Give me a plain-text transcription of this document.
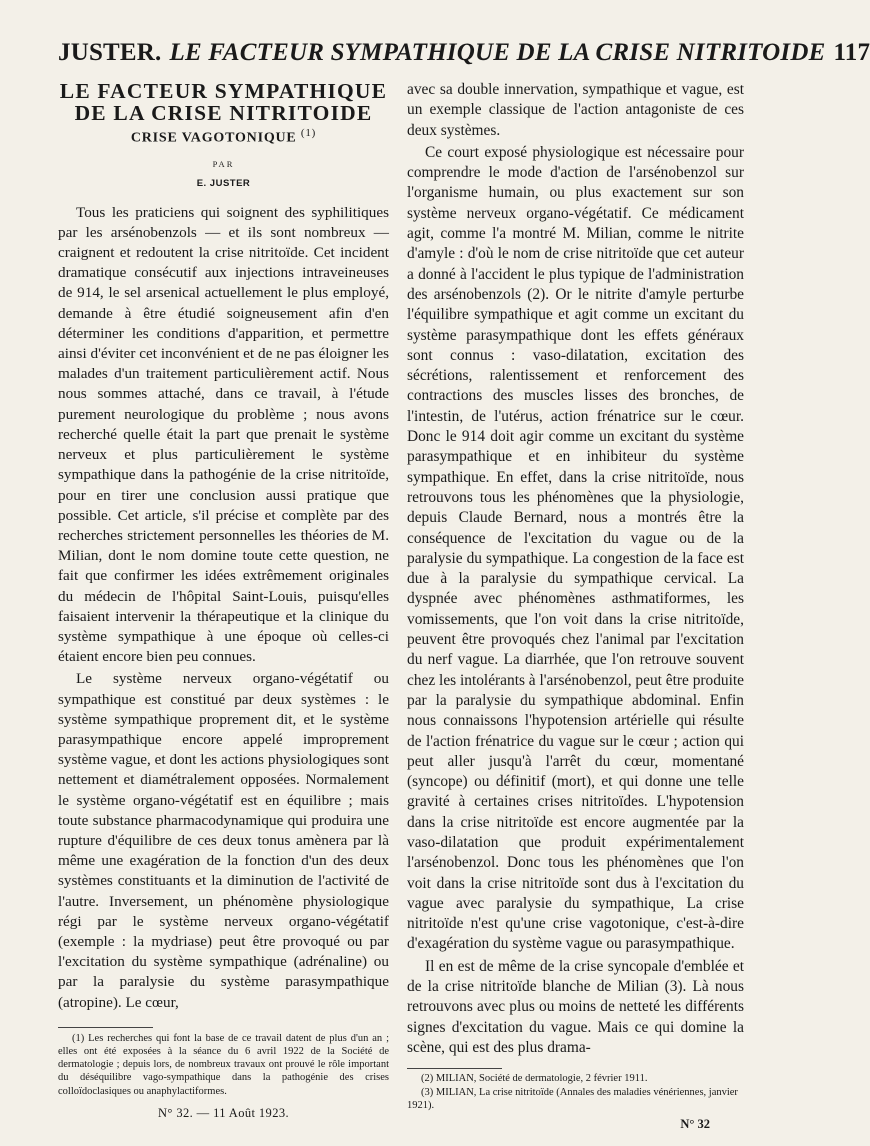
JUSTER. LE FACTEUR SYMPATHIQUE DE LA CRISE NITRITOIDE 117
LE FACTEUR SYMPATHIQUE
DE LA CRISE NITRITOIDE
CRISE VAGOTONIQUE $^{(1)}$
PAR
E. JUSTER

Tous les praticiens qui soignent des syphilitiques par les arsénobenzols — et ils sont nombreux — craignent et redoutent la crise nitritoïde. Cet incident dramatique consécutif aux injections intraveineuses de 914, le sel arsenical actuellement le plus employé, demande à être étudié soigneusement afin d'en déterminer les conditions d'apparition, et permettre ainsi d'éviter cet inconvénient et de ne pas éloigner les malades d'un traitement particulièrement actif. Nous nous sommes attaché, dans ce travail, à l'étude purement neurologique du problème ; nous avons recherché quelle était la part que prenait le système nerveux et plus particulièrement le système sympathique dans la pathogénie de la crise nitritoïde, pour en tirer une conclusion aussi pratique que possible. Cet article, s'il précise et complète par des recherches strictement personnelles les théories de M. Milian, dont le nom domine toute cette question, ne fait que confirmer les idées extrêmement originales du médecin de l'hôpital Saint-Louis, puisqu'elles faisaient intervenir la thérapeutique et la clinique du système sympathique à une époque où celles-ci étaient encore bien peu connues.

Le système nerveux organo-végétatif ou sympathique est constitué par deux systèmes : le système sympathique proprement dit, et le système parasympathique encore appelé improprement système vague, et dont les actions physiologiques sont nettement et diamétralement opposées. Normalement le système organo-végétatif est en équilibre ; mais toute substance pharmacodynamique qui produira une rupture d'équilibre de ces deux tonus amènera par là même une exagération de la fonction d'un des deux systèmes constituants et la diminution de l'activité de l'autre. Inversement, un phénomène physiologique régi par le système nerveux organo-végétatif (exemple : la mydriase) peut être provoqué ou par l'excitation du système sympathique (adrénaline) ou par la paralysie du système parasympathique (atropine). Le cœur,

(1) Les recherches qui font la base de ce travail datent de plus d'un an ; elles ont été exposées à la séance du 6 avril 1922 de la Société de dermatologie ; depuis lors, de nombreux travaux ont prouvé le rôle important du déséquilibre vago-sympathique dans la pathogénie des crises colloïdoclasiques ou anaphylactiformes.

N° 32. — 11 Août 1923.

avec sa double innervation, sympathique et vague, est un exemple classique de l'action antagoniste de ces deux systèmes.

Ce court exposé physiologique est nécessaire pour comprendre le mode d'action de l'arsénobenzol sur l'organisme humain, ou plus exactement sur son système nerveux organo-végétatif. Ce médicament agit, comme l'a montré M. Milian, comme le nitrite d'amyle : d'où le nom de crise nitritoïde que cet auteur a donné à l'accident le plus typique de l'administration des arsénobenzols (2). Or le nitrite d'amyle perturbe l'équilibre sympathique et agit comme un excitant du système parasympathique dont les effets généraux sont connus : vaso-dilatation, excitation des sécrétions, ralentissement et renforcement des contractions des muscles lisses des bronches, de l'intestin, de l'utérus, action frénatrice sur le cœur. Donc le 914 doit agir comme un excitant du système parasympathique et en inhibiteur du système sympathique. En effet, dans la crise nitritoïde, nous retrouvons tous les phénomènes que la physiologie, depuis Claude Bernard, nous a montrés être la conséquence de l'excitation du vague ou de la paralysie du sympathique. La congestion de la face est due à la paralysie du sympathique cervical. La dyspnée avec phénomènes asthmatiformes, les vomissements, que l'on voit dans la crise nitritoïde, peuvent être provoqués chez l'animal par l'excitation du nerf vague. La diarrhée, que l'on retrouve souvent chez les intolérants à l'arsénobenzol, peut être produite par la paralysie du sympathique abdominal. Enfin nous connaissons l'hypotension artérielle qui résulte de l'action frénatrice du vague sur le cœur ; action qui peut aller jusqu'à l'arrêt du cœur, momentané (syncope) ou définitif (mort), et qui donne une telle gravité à certaines crises nitritoïdes. L'hypotension dans la crise nitritoïde est encore augmentée par la vaso-dilatation que produit expérimentalement l'arsénobenzol. Donc tous les phénomènes que l'on voit dans la crise nitritoïde sont dus à l'excitation du vague avec paralysie du sympathique, La crise nitritoïde n'est qu'une crise vagotonique, c'est-à-dire d'exagération du système vague ou parasympathique.

Il en est de même de la crise syncopale d'emblée et de la crise nitritoïde blanche de Milian (3). Là nous retrouvons avec plus ou moins de netteté les différents signes d'excitation du vague. Mais ce qui domine la scène, qui est des plus drama-

(2) MILIAN, Société de dermatologie, 2 février 1911.

(3) MILIAN, La crise nitritoïde (Annales des maladies vénériennes, janvier 1921).

N° 32
